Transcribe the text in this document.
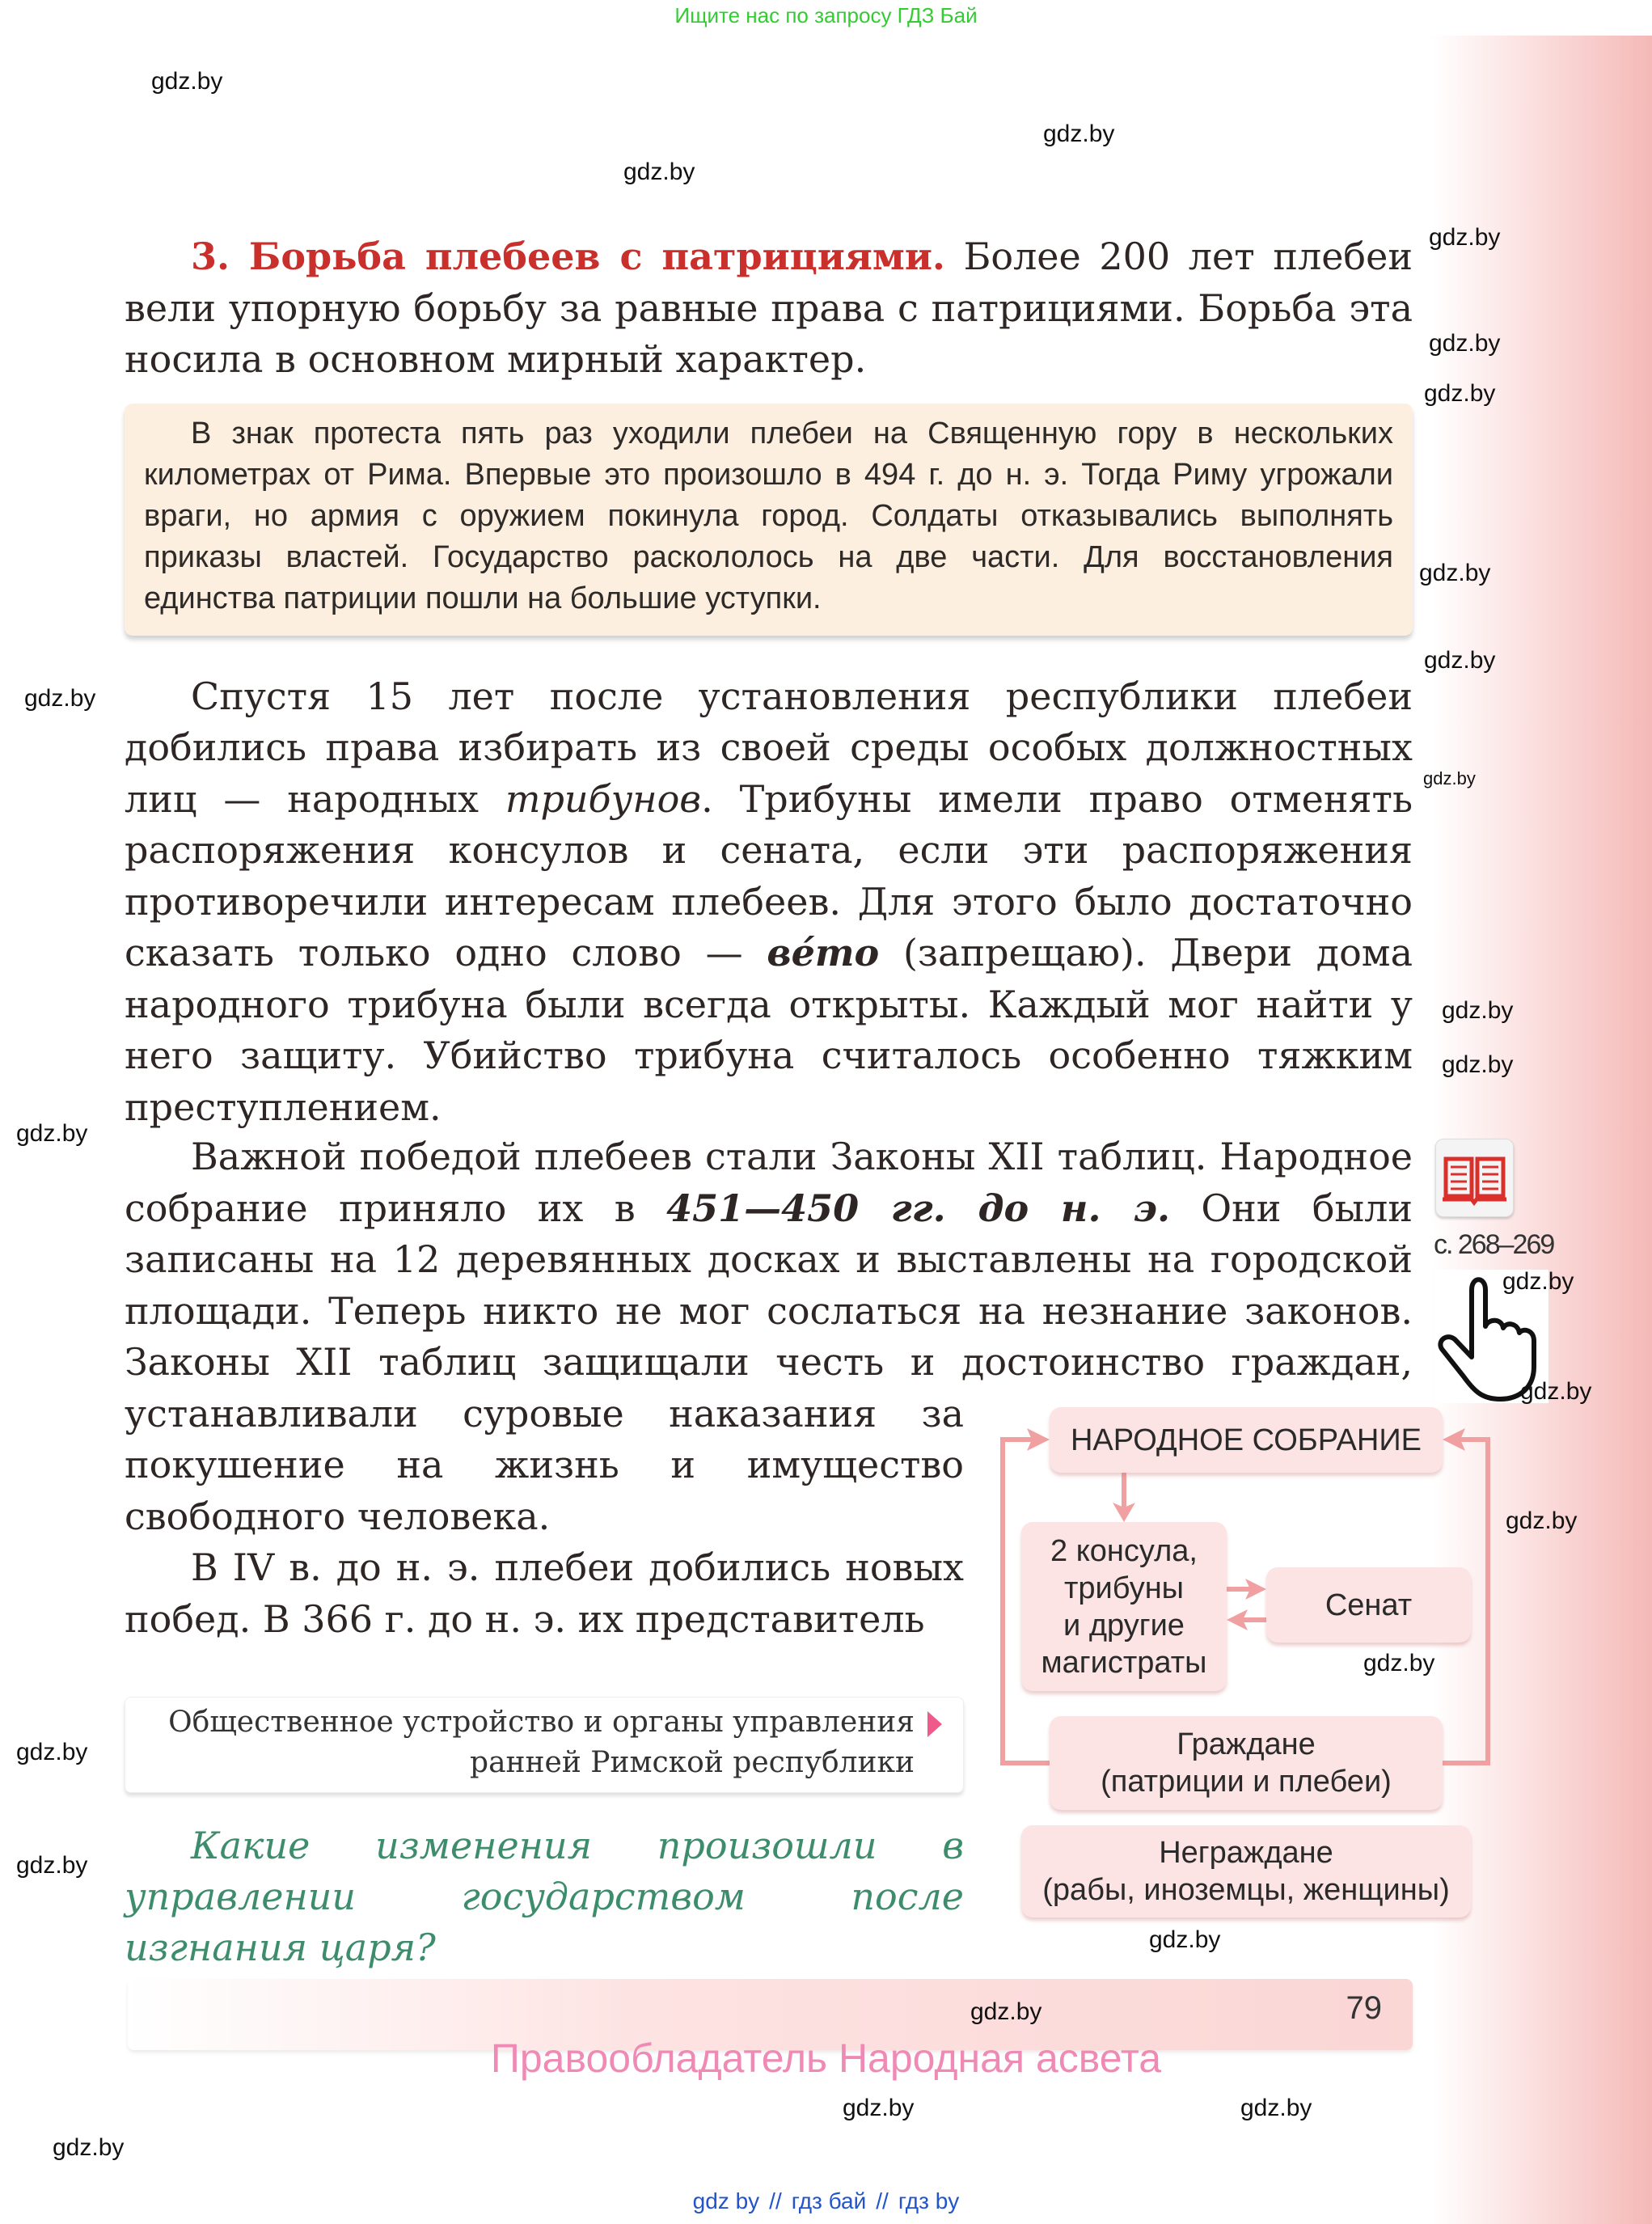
Ищите нас по запросу ГДЗ Бай
3. Борьба плебеев с патрициями. Более 200 лет плебеи вели упорную борьбу за равные права с патрициями. Борьба эта носила в основном мирный характер.
В знак протеста пять раз уходили плебеи на Священную гору в нескольких километрах от Рима. Впервые это произошло в 494 г. до н. э. Тогда Риму угрожали враги, но армия с оружием покинула город. Солдаты отказывались выполнять приказы властей. Государство раскололось на две части. Для восстановления единства патриции пошли на большие уступки.
Спустя 15 лет после установления республики плебеи добились права избирать из своей среды особых должностных лиц — народных трибунов. Трибуны имели право отменять распоряжения консулов и сената, если эти распоряжения противоречили интересам плебеев. Для этого было достаточно сказать только одно слово — ве́то (запрещаю). Двери дома народного трибуна были всегда открыты. Каждый мог найти у него защиту. Убийство трибуна считалось особенно тяжким преступлением.
Важной победой плебеев стали Законы XII таблиц. Народное собрание приняло их в 451—450 гг. до н. э. Они были записаны на 12 деревянных досках и выставлены на городской площади. Теперь никто не мог сослаться на незнание законов. Законы XII таблиц защищали честь и достоинство граждан, устанавливали суровые наказания за покушение на жизнь и имущество свободного человека.
В IV в. до н. э. плебеи добились новых побед. В 366 г. до н. э. их представитель
Общественное устройство и органы управления
ранней Римской республики
Какие изменения произошли в управлении государством после изгнания царя?
с. 268–269
НАРОДНОЕ СОБРАНИЕ
2 консула,
трибуны
и другие
магистраты
Сенат
Граждане
(патриции и плебеи)
Неграждане
(рабы, иноземцы, женщины)
79
Правообладатель Народная асвета
gdz by // гдз бай // гдз by
gdz.by
gdz.by
gdz.by
gdz.by
gdz.by
gdz.by
gdz.by
gdz.by
gdz.by
gdz.by
gdz.by
gdz.by
gdz.by
gdz.by
gdz.by
gdz.by
gdz.by
gdz.by
gdz.by
gdz.by
gdz.by
gdz.by
gdz.by
gdz.by
